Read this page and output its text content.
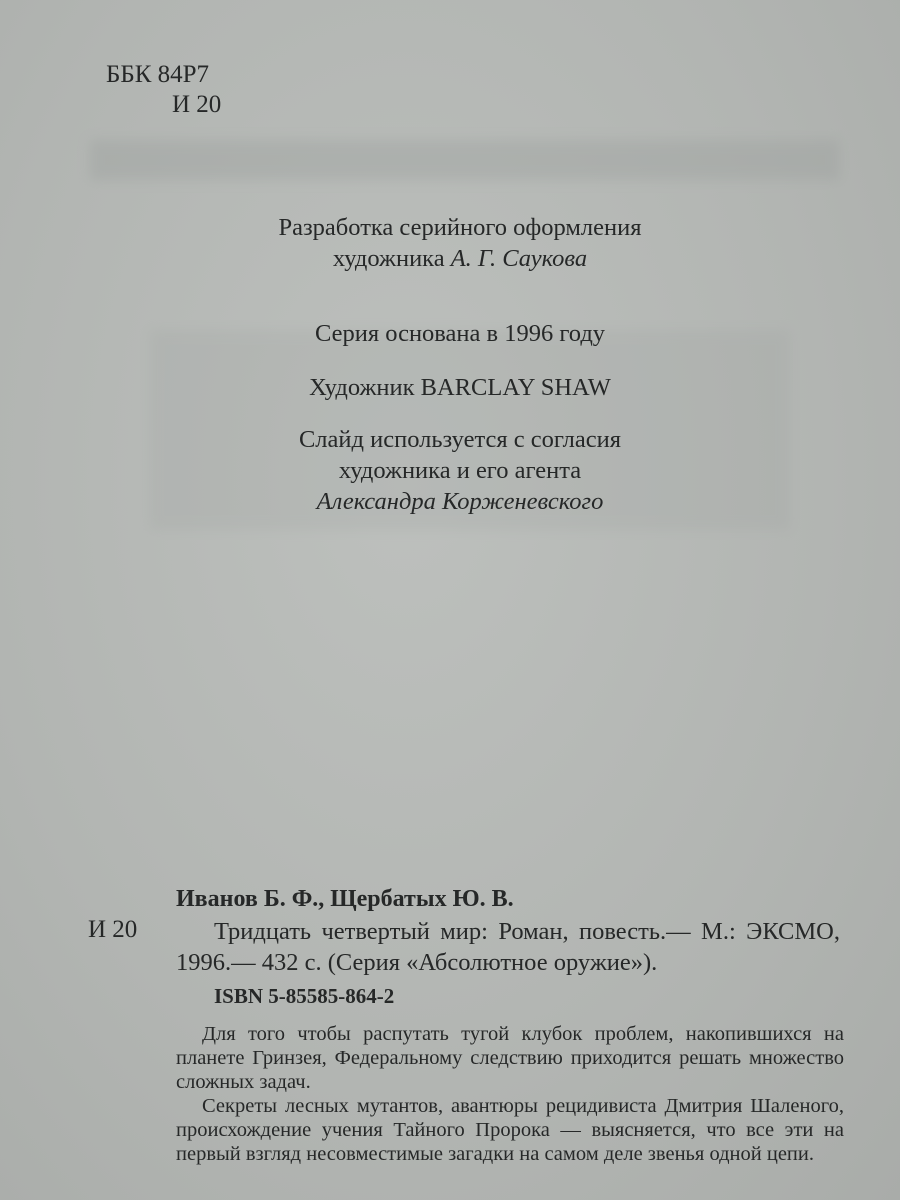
ББК 84Р7
И 20
Разработка серийного оформления
художника А. Г. Саукова
Серия основана в 1996 году
Художник BARCLAY SHAW
Слайд используется с согласия
художника и его агента
Александра Корженевского
Иванов Б. Ф., Щербатых Ю. В.
И 20	Тридцать четвертый мир: Роман, повесть.— М.: ЭКСМО, 1996.— 432 с. (Серия «Абсолютное оружие»).
ISBN 5-85585-864-2

Для того чтобы распутать тугой клубок проблем, накопившихся на планете Гринзея, Федеральному следствию приходится решать множество сложных задач.

Секреты лесных мутантов, авантюры рецидивиста Дмитрия Шаленого, происхождение учения Тайного Пророка — выясняется, что все эти на первый взгляд несовместимые загадки на самом деле звенья одной цепи.
